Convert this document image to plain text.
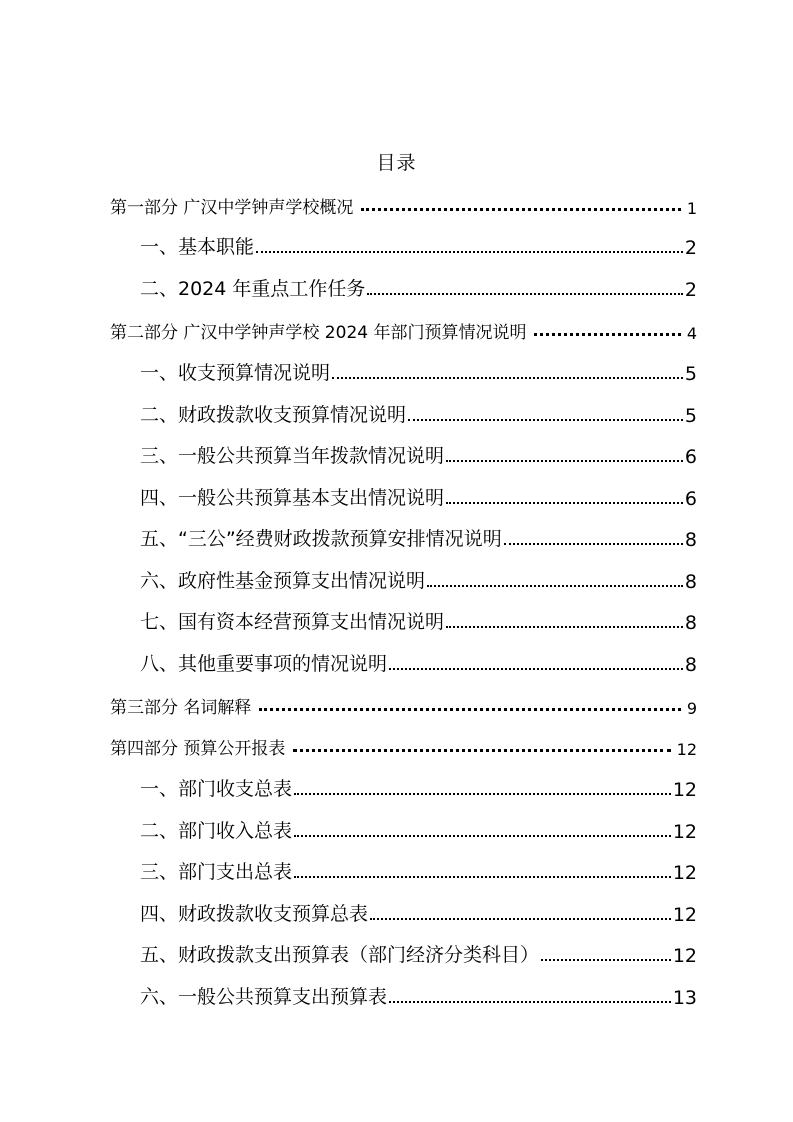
目录
第一部分 广汉中学钟声学校概况	1
一、基本职能	2
二、2024 年重点工作任务	2
第二部分 广汉中学钟声学校 2024 年部门预算情况说明	4
一、收支预算情况说明	5
二、财政拨款收支预算情况说明	5
三、一般公共预算当年拨款情况说明	6
四、一般公共预算基本支出情况说明	6
五、“三公”经费财政拨款预算安排情况说明	8
六、政府性基金预算支出情况说明	8
七、国有资本经营预算支出情况说明	8
八、其他重要事项的情况说明	8
第三部分 名词解释	9
第四部分 预算公开报表	12
一、部门收支总表	12
二、部门收入总表	12
三、部门支出总表	12
四、财政拨款收支预算总表	12
五、财政拨款支出预算表（部门经济分类科目）	12
六、一般公共预算支出预算表	13
